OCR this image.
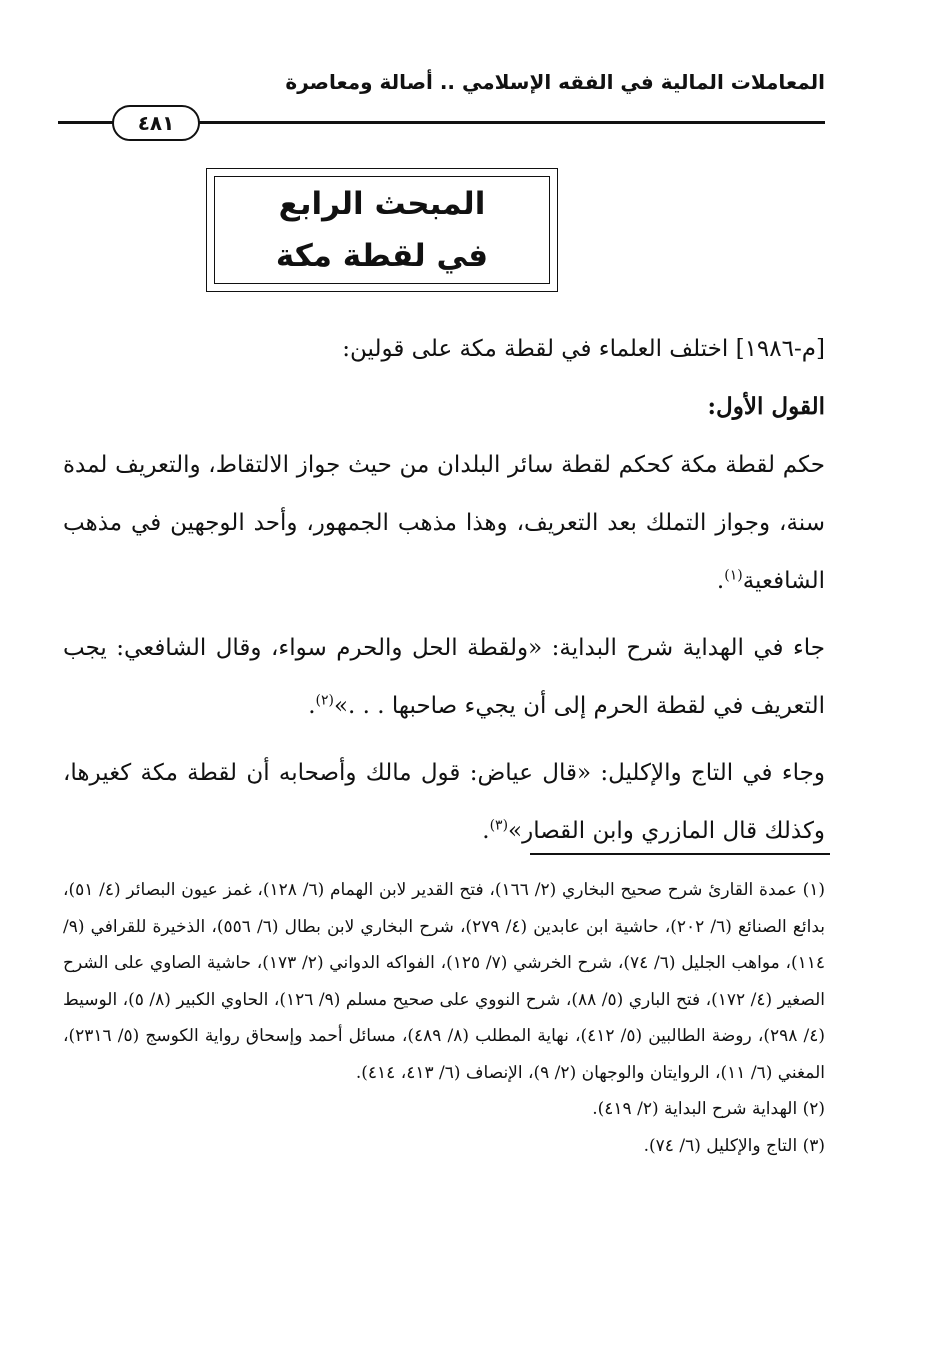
المعاملات المالية في الفقه الإسلامي .. أصالة ومعاصرة
٤٨١
المبحث الرابع
في لقطة مكة

[م-١٩٨٦] اختلف العلماء في لقطة مكة على قولين:

القول الأول:

حكم لقطة مكة كحكم لقطة سائر البلدان من حيث جواز الالتقاط، والتعريف لمدة سنة، وجواز التملك بعد التعريف، وهذا مذهب الجمهور، وأحد الوجهين في مذهب الشافعية$^{(١)}$.

جاء في الهداية شرح البداية: «ولقطة الحل والحرم سواء، وقال الشافعي: يجب التعريف في لقطة الحرم إلى أن يجيء صاحبها . . .»$^{(٢)}$.

وجاء في التاج والإكليل: «قال عياض: قول مالك وأصحابه أن لقطة مكة كغيرها، وكذلك قال المازري وابن القصار»$^{(٣)}$.

(١) عمدة القارئ شرح صحيح البخاري (٢/ ١٦٦)، فتح القدير لابن الهمام (٦/ ١٢٨)، غمز عيون البصائر (٤/ ٥١)، بدائع الصنائع (٦/ ٢٠٢)، حاشية ابن عابدين (٤/ ٢٧٩)، شرح البخاري لابن بطال (٦/ ٥٥٦)، الذخيرة للقرافي (٩/ ١١٤)، مواهب الجليل (٦/ ٧٤)، شرح الخرشي (٧/ ١٢٥)، الفواكه الدواني (٢/ ١٧٣)، حاشية الصاوي على الشرح الصغير (٤/ ١٧٢)، فتح الباري (٥/ ٨٨)، شرح النووي على صحيح مسلم (٩/ ١٢٦)، الحاوي الكبير (٨/ ٥)، الوسيط (٤/ ٢٩٨)، روضة الطالبين (٥/ ٤١٢)، نهاية المطلب (٨/ ٤٨٩)، مسائل أحمد وإسحاق رواية الكوسج (٥/ ٢٣١٦)، المغني (٦/ ١١)، الروايتان والوجهان (٢/ ٩)، الإنصاف (٦/ ٤١٣، ٤١٤).

(٢) الهداية شرح البداية (٢/ ٤١٩).

(٣) التاج والإكليل (٦/ ٧٤).
